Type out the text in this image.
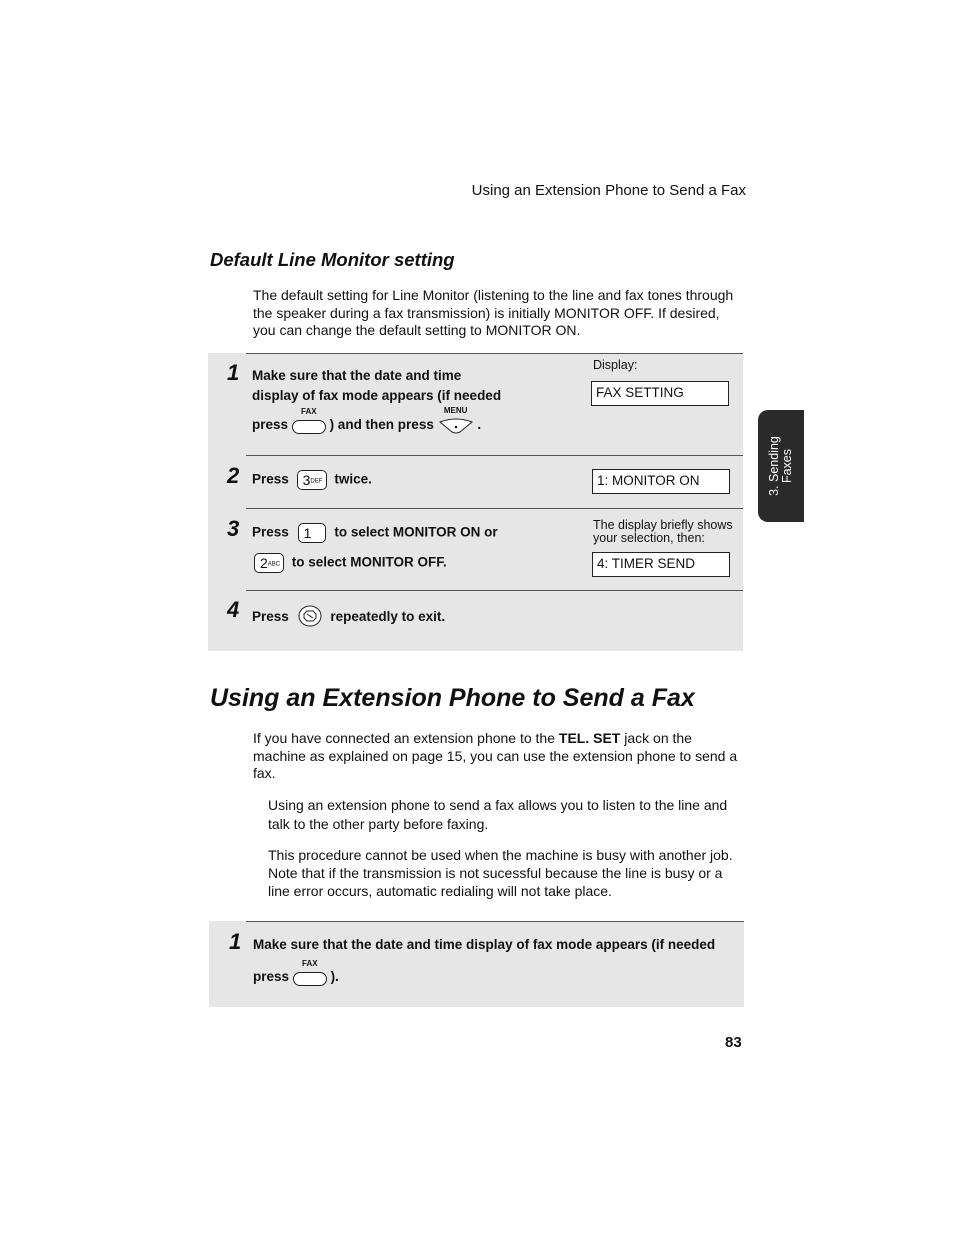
Using an Extension Phone to Send a Fax
Default Line Monitor setting
The default setting for Line Monitor (listening to the line and fax tones through the speaker during a fax transmission) is initially MONITOR OFF. If desired, you can change the default setting to MONITOR ON.
1 Make sure that the date and time
display of fax mode appears (if needed
press
FAX
) and then press
MENU
.
Display:
FAX SETTING
2 Press 3DEF twice.	1: MONITOR ON
3 Press 1 to select MONITOR ON or
2ABC to select MONITOR OFF.
The display briefly shows your selection, then:
4: TIMER SEND
4 Press	repeatedly to exit.
Using an Extension Phone to Send a Fax
If you have connected an extension phone to the TEL. SET jack on the machine as explained on page 15, you can use the extension phone to send a fax.
Using an extension phone to send a fax allows you to listen to the line and talk to the other party before faxing.
This procedure cannot be used when the machine is busy with another job. Note that if the transmission is not sucessful because the line is busy or a line error occurs, automatic redialing will not take place.
1 Make sure that the date and time display of fax mode appears (if needed
press
FAX
).
3. Sending Faxes
83
